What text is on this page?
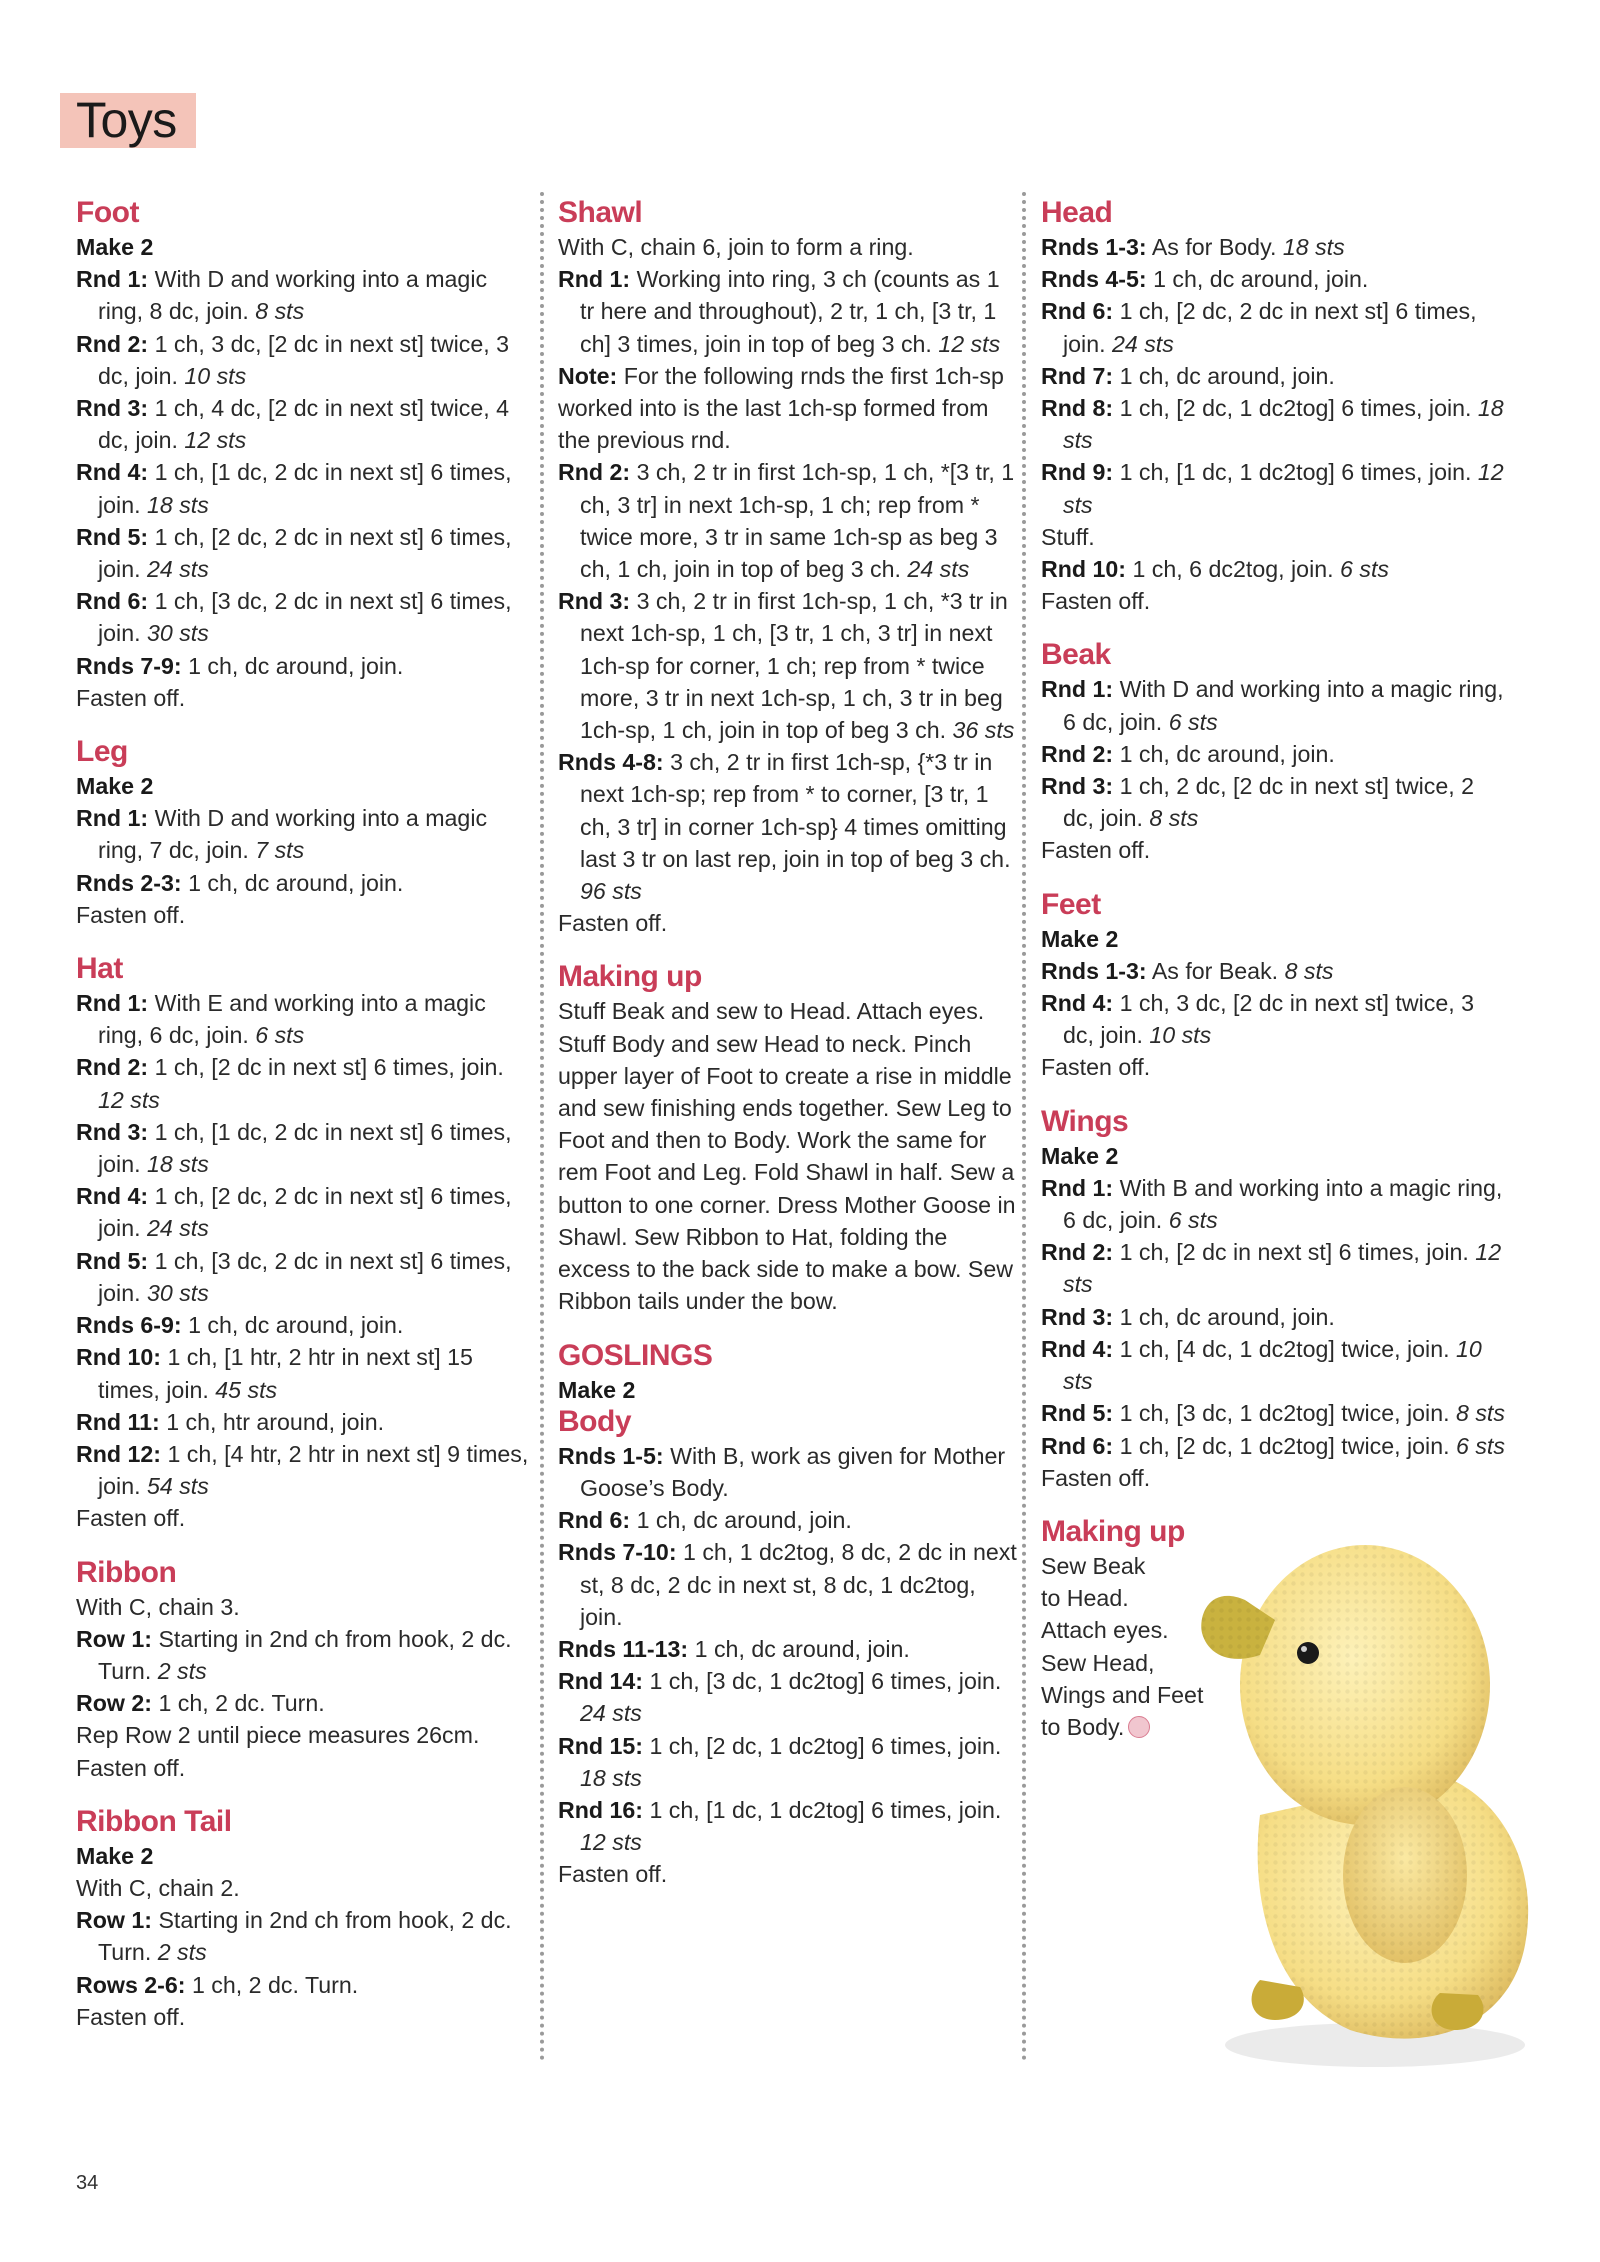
Toys
Foot

Make 2

Rnd 1: With D and working into a magic ring, 8 dc, join. 8 sts

Rnd 2: 1 ch, 3 dc, [2 dc in next st] twice, 3 dc, join. 10 sts

Rnd 3: 1 ch, 4 dc, [2 dc in next st] twice, 4 dc, join. 12 sts

Rnd 4: 1 ch, [1 dc, 2 dc in next st] 6 times, join. 18 sts

Rnd 5: 1 ch, [2 dc, 2 dc in next st] 6 times, join. 24 sts

Rnd 6: 1 ch, [3 dc, 2 dc in next st] 6 times, join. 30 sts

Rnds 7-9: 1 ch, dc around, join.

Fasten off.

Leg

Make 2

Rnd 1: With D and working into a magic ring, 7 dc, join. 7 sts

Rnds 2-3: 1 ch, dc around, join.

Fasten off.

Hat

Rnd 1: With E and working into a magic ring, 6 dc, join. 6 sts

Rnd 2: 1 ch, [2 dc in next st] 6 times, join. 12 sts

Rnd 3: 1 ch, [1 dc, 2 dc in next st] 6 times, join. 18 sts

Rnd 4: 1 ch, [2 dc, 2 dc in next st] 6 times, join. 24 sts

Rnd 5: 1 ch, [3 dc, 2 dc in next st] 6 times, join. 30 sts

Rnds 6-9: 1 ch, dc around, join.

Rnd 10: 1 ch, [1 htr, 2 htr in next st] 15 times, join. 45 sts

Rnd 11: 1 ch, htr around, join.

Rnd 12: 1 ch, [4 htr, 2 htr in next st] 9 times, join. 54 sts

Fasten off.

Ribbon

With C, chain 3.

Row 1: Starting in 2nd ch from hook, 2 dc. Turn. 2 sts

Row 2: 1 ch, 2 dc. Turn.

Rep Row 2 until piece measures 26cm.

Fasten off.

Ribbon Tail

Make 2

With C, chain 2.

Row 1: Starting in 2nd ch from hook, 2 dc. Turn. 2 sts

Rows 2-6: 1 ch, 2 dc. Turn.

Fasten off.

Shawl

With C, chain 6, join to form a ring.

Rnd 1: Working into ring, 3 ch (counts as 1 tr here and throughout), 2 tr, 1 ch, [3 tr, 1 ch] 3 times, join in top of beg 3 ch. 12 sts

Note: For the following rnds the first 1ch-sp worked into is the last 1ch-sp formed from the previous rnd.

Rnd 2: 3 ch, 2 tr in first 1ch-sp, 1 ch, *[3 tr, 1 ch, 3 tr] in next 1ch-sp, 1 ch; rep from * twice more, 3 tr in same 1ch-sp as beg 3 ch, 1 ch, join in top of beg 3 ch. 24 sts

Rnd 3: 3 ch, 2 tr in first 1ch-sp, 1 ch, *3 tr in next 1ch-sp, 1 ch, [3 tr, 1 ch, 3 tr] in next 1ch-sp for corner, 1 ch; rep from * twice more, 3 tr in next 1ch-sp, 1 ch, 3 tr in beg 1ch-sp, 1 ch, join in top of beg 3 ch. 36 sts

Rnds 4-8: 3 ch, 2 tr in first 1ch-sp, {*3 tr in next 1ch-sp; rep from * to corner, [3 tr, 1 ch, 3 tr] in corner 1ch-sp} 4 times omitting last 3 tr on last rep, join in top of beg 3 ch. 96 sts

Fasten off.

Making up

Stuff Beak and sew to Head. Attach eyes. Stuff Body and sew Head to neck. Pinch upper layer of Foot to create a rise in middle and sew finishing ends together. Sew Leg to Foot and then to Body. Work the same for rem Foot and Leg. Fold Shawl in half. Sew a button to one corner. Dress Mother Goose in Shawl. Sew Ribbon to Hat, folding the excess to the back side to make a bow. Sew Ribbon tails under the bow.

GOSLINGS

Make 2

Body

Rnds 1-5: With B, work as given for Mother Goose’s Body.

Rnd 6: 1 ch, dc around, join.

Rnds 7-10: 1 ch, 1 dc2tog, 8 dc, 2 dc in next st, 8 dc, 2 dc in next st, 8 dc, 1 dc2tog, join.

Rnds 11-13: 1 ch, dc around, join.

Rnd 14: 1 ch, [3 dc, 1 dc2tog] 6 times, join. 24 sts

Rnd 15: 1 ch, [2 dc, 1 dc2tog] 6 times, join. 18 sts

Rnd 16: 1 ch, [1 dc, 1 dc2tog] 6 times, join. 12 sts

Fasten off.

Head

Rnds 1-3: As for Body. 18 sts

Rnds 4-5: 1 ch, dc around, join.

Rnd 6: 1 ch, [2 dc, 2 dc in next st] 6 times, join. 24 sts

Rnd 7: 1 ch, dc around, join.

Rnd 8: 1 ch, [2 dc, 1 dc2tog] 6 times, join. 18 sts

Rnd 9: 1 ch, [1 dc, 1 dc2tog] 6 times, join. 12 sts

Stuff.

Rnd 10: 1 ch, 6 dc2tog, join. 6 sts

Fasten off.

Beak

Rnd 1: With D and working into a magic ring, 6 dc, join. 6 sts

Rnd 2: 1 ch, dc around, join.

Rnd 3: 1 ch, 2 dc, [2 dc in next st] twice, 2 dc, join. 8 sts

Fasten off.

Feet

Make 2

Rnds 1-3: As for Beak. 8 sts

Rnd 4: 1 ch, 3 dc, [2 dc in next st] twice, 3 dc, join. 10 sts

Fasten off.

Wings

Make 2

Rnd 1: With B and working into a magic ring, 6 dc, join. 6 sts

Rnd 2: 1 ch, [2 dc in next st] 6 times, join. 12 sts

Rnd 3: 1 ch, dc around, join.

Rnd 4: 1 ch, [4 dc, 1 dc2tog] twice, join. 10 sts

Rnd 5: 1 ch, [3 dc, 1 dc2tog] twice, join. 8 sts

Rnd 6: 1 ch, [2 dc, 1 dc2tog] twice, join. 6 sts

Fasten off.

Making up

Sew Beak

to Head.

Attach eyes.

Sew Head,

Wings and Feet

to Body.

34
